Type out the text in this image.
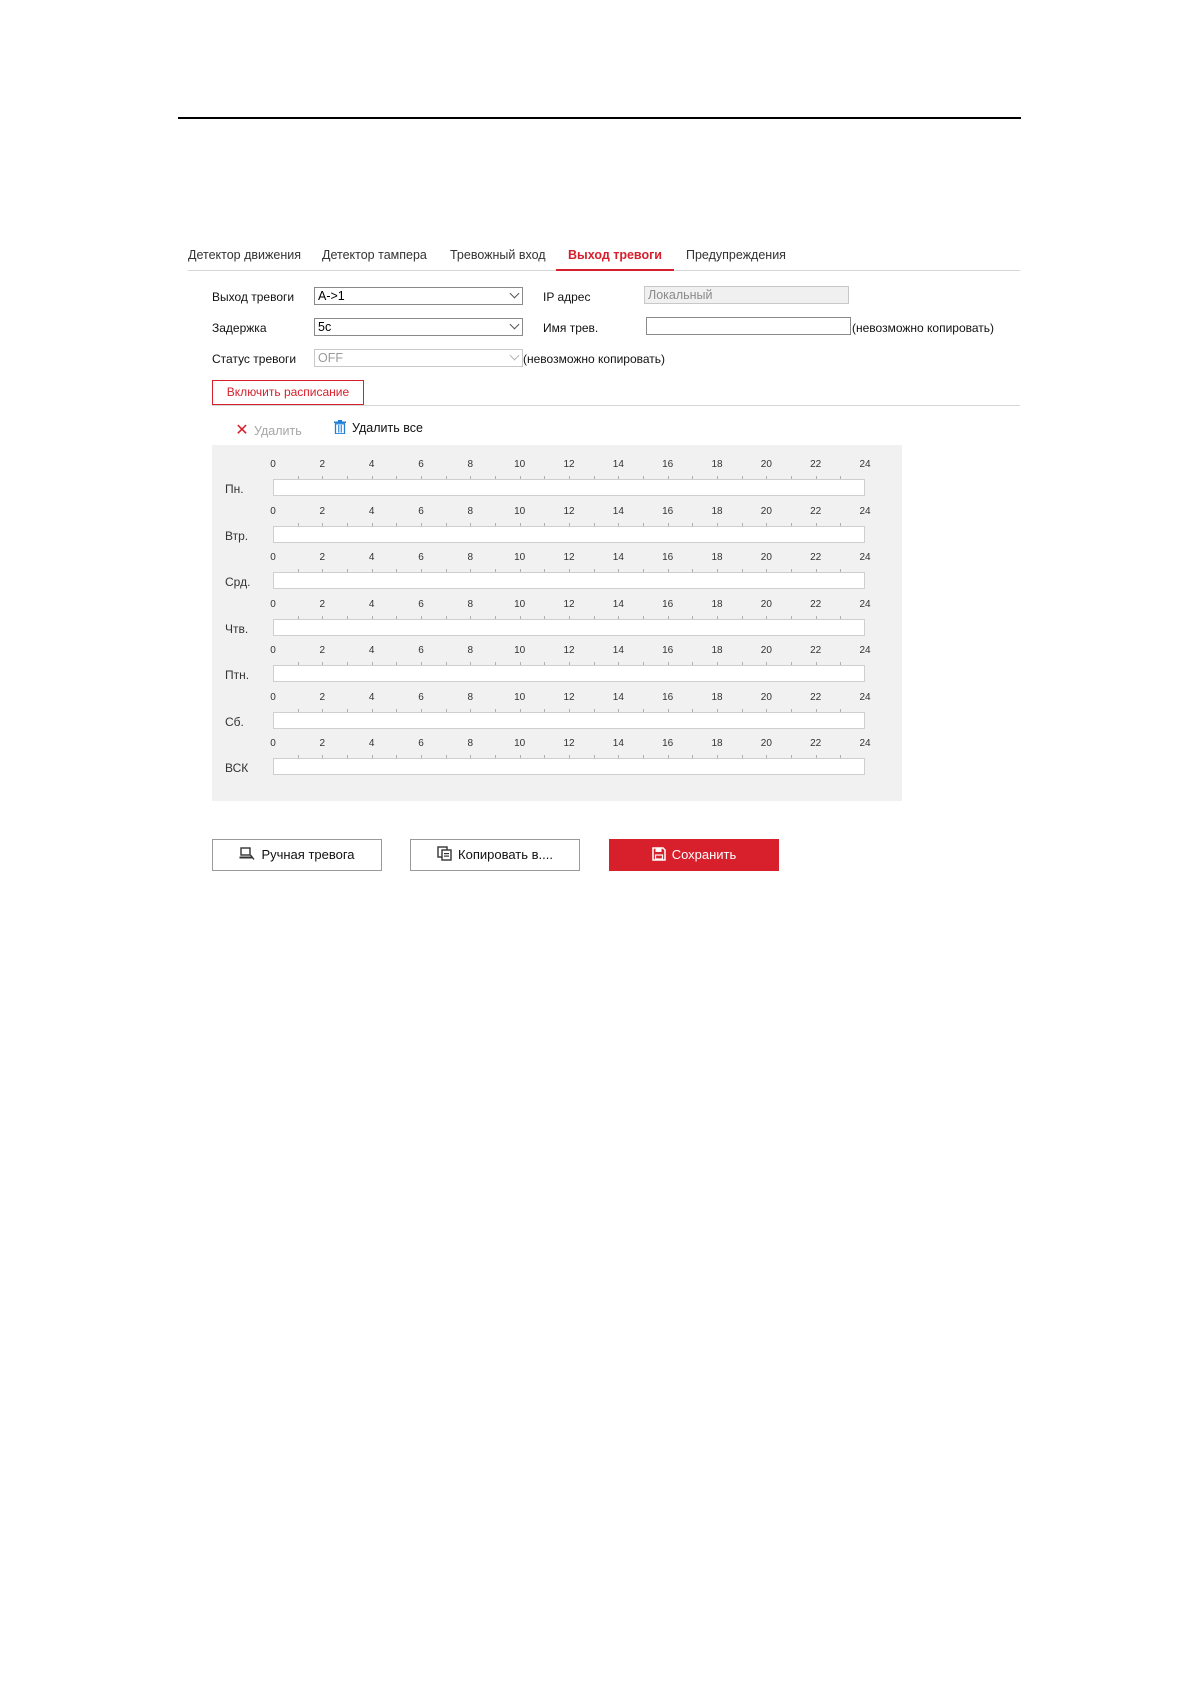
Детектор движения Детектор тампера Тревожный вход Выход тревоги Предупреждения
Выход тревоги	A->1	IP адрес	Локальный
Задержка	5с	Имя трев.	(невозможно копировать)
Статус тревоги	OFF	(невозможно копировать)
Включить расписание
✕ Удалить	Удалить все
0	2	4	6	8	10	12	14	16	18	20	22	24
Пн.
0	2	4	6	8	10	12	14	16	18	20	22	24
Втр.
0	2	4	6	8	10	12	14	16	18	20	22	24
Срд.
0	2	4	6	8	10	12	14	16	18	20	22	24
Чтв.
0	2	4	6	8	10	12	14	16	18	20	22	24
Птн.
0	2	4	6	8	10	12	14	16	18	20	22	24
Сб.
0	2	4	6	8	10	12	14	16	18	20	22	24
ВСК
Ручная тревога	Копировать в....	Сохранить
